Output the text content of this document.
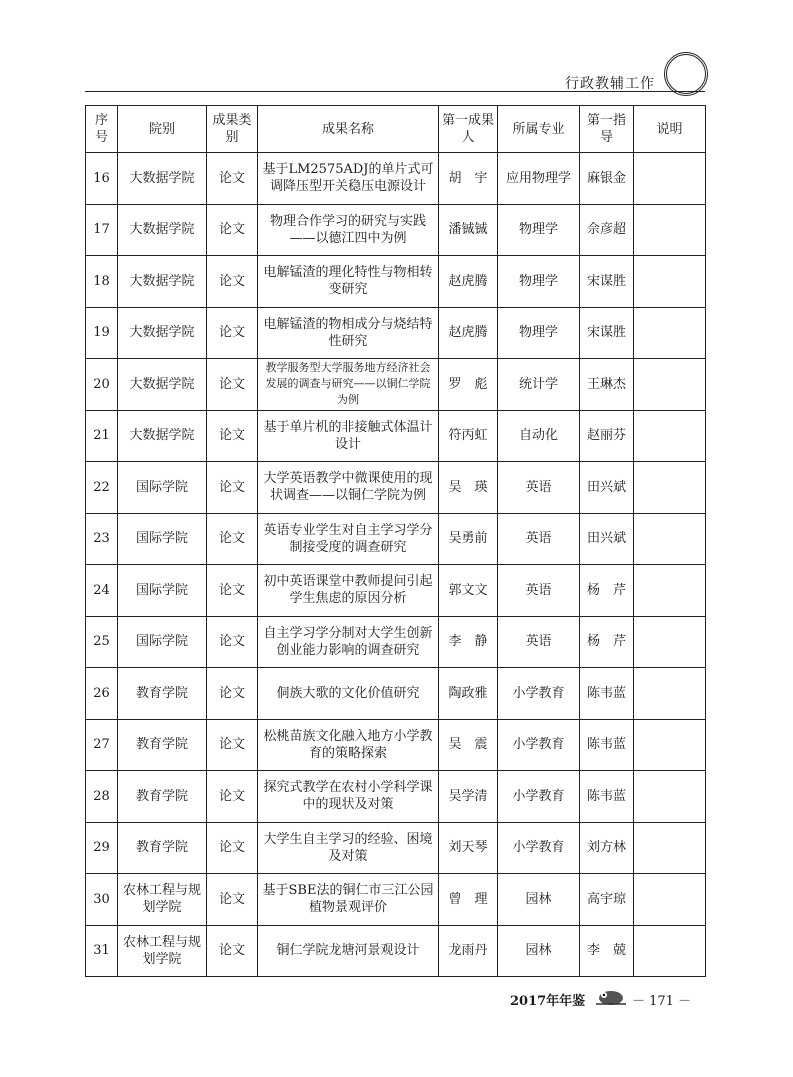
Z
行政教辅工作
序号	院别	成果类别	成果名称	第一成果人	所属专业	第一指导	说明
16	大数据学院	论文	基于LM2575ADJ的单片式可调降压型开关稳压电源设计	胡　宇	应用物理学	麻银金	
17	大数据学院	论文	物理合作学习的研究与实践——以德江四中为例	潘铖铖	物理学	佘彦超	
18	大数据学院	论文	电解锰渣的理化特性与物相转变研究	赵虎腾	物理学	宋谋胜	
19	大数据学院	论文	电解锰渣的物相成分与烧结特性研究	赵虎腾	物理学	宋谋胜	
20	大数据学院	论文	教学服务型大学服务地方经济社会发展的调查与研究——以铜仁学院为例	罗　彪	统计学	王琳杰	
21	大数据学院	论文	基于单片机的非接触式体温计设计	符丙虹	自动化	赵丽芬	
22	国际学院	论文	大学英语教学中微课使用的现状调查——以铜仁学院为例	吴　瑛	英语	田兴斌	
23	国际学院	论文	英语专业学生对自主学习学分制接受度的调查研究	吴勇前	英语	田兴斌	
24	国际学院	论文	初中英语课堂中教师提问引起学生焦虑的原因分析	郭文文	英语	杨　芹	
25	国际学院	论文	自主学习学分制对大学生创新创业能力影响的调查研究	李　静	英语	杨　芹	
26	教育学院	论文	侗族大歌的文化价值研究	陶政雅	小学教育	陈韦蓝	
27	教育学院	论文	松桃苗族文化融入地方小学教育的策略探索	吴　震	小学教育	陈韦蓝	
28	教育学院	论文	探究式教学在农村小学科学课中的现状及对策	吴学清	小学教育	陈韦蓝	
29	教育学院	论文	大学生自主学习的经验、困境及对策	刘天琴	小学教育	刘方林	
30	农林工程与规划学院	论文	基于SBE法的铜仁市三江公园植物景观评价	曾　理	园林	高宇琼	
31	农林工程与规划学院	论文	铜仁学院龙塘河景观设计	龙雨丹	园林	李　兢	
2017年年鉴	－ 171 －
